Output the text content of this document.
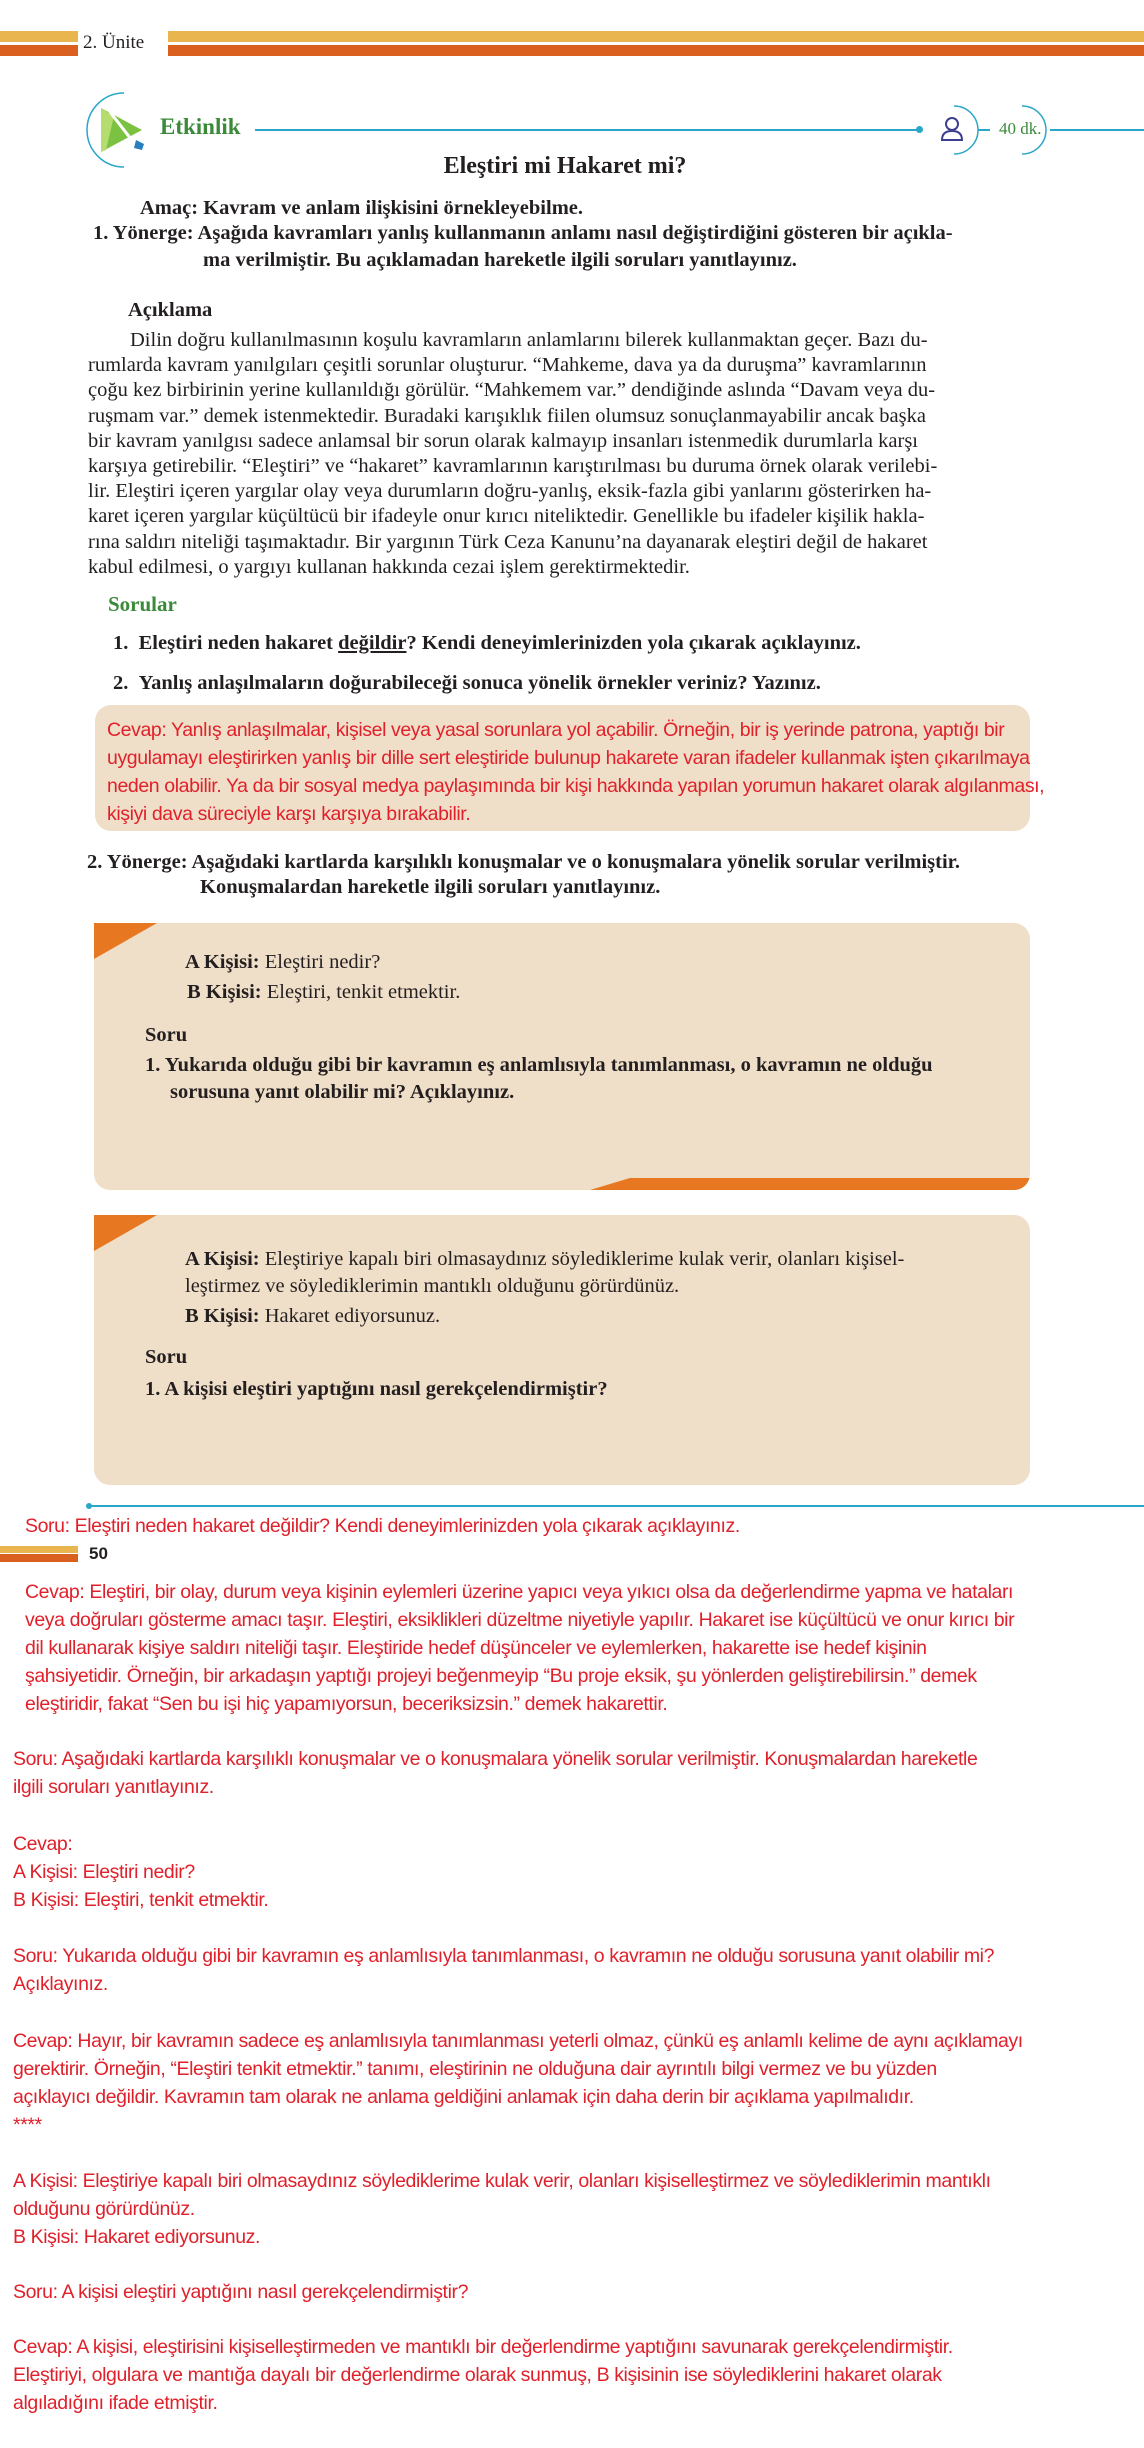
2. Ünite
Etkinlik	40 dk.
Eleştiri mi Hakaret mi?
Amaç: Kavram ve anlam ilişkisini örnekleyebilme.
1. Yönerge: Aşağıda kavramları yanlış kullanmanın anlamı nasıl değiştirdiğini gösteren bir açıkla-
ma verilmiştir. Bu açıklamadan hareketle ilgili soruları yanıtlayınız.
Açıklama
Dilin doğru kullanılmasının koşulu kavramların anlamlarını bilerek kullanmaktan geçer. Bazı du-
rumlarda kavram yanılgıları çeşitli sorunlar oluşturur. “Mahkeme, dava ya da duruşma” kavramlarının
çoğu kez birbirinin yerine kullanıldığı görülür. “Mahkemem var.” dendiğinde aslında “Davam veya du-
ruşmam var.” demek istenmektedir. Buradaki karışıklık fiilen olumsuz sonuçlanmayabilir ancak başka
bir kavram yanılgısı sadece anlamsal bir sorun olarak kalmayıp insanları istenmedik durumlarla karşı
karşıya getirebilir. “Eleştiri” ve “hakaret” kavramlarının karıştırılması bu duruma örnek olarak verilebi-
lir. Eleştiri içeren yargılar olay veya durumların doğru-yanlış, eksik-fazla gibi yanlarını gösterirken ha-
karet içeren yargılar küçültücü bir ifadeyle onur kırıcı niteliktedir. Genellikle bu ifadeler kişilik hakla-
rına saldırı niteliği taşımaktadır. Bir yargının Türk Ceza Kanunu’na dayanarak eleştiri değil de hakaret
kabul edilmesi, o yargıyı kullanan hakkında cezai işlem gerektirmektedir.
Sorular
1. Eleştiri neden hakaret değildir? Kendi deneyimlerinizden yola çıkarak açıklayınız.
2. Yanlış anlaşılmaların doğurabileceği sonuca yönelik örnekler veriniz? Yazınız.
Cevap: Yanlış anlaşılmalar, kişisel veya yasal sorunlara yol açabilir. Örneğin, bir iş yerinde patrona, yaptığı bir
uygulamayı eleştirirken yanlış bir dille sert eleştiride bulunup hakarete varan ifadeler kullanmak işten çıkarılmaya
neden olabilir. Ya da bir sosyal medya paylaşımında bir kişi hakkında yapılan yorumun hakaret olarak algılanması,
kişiyi dava süreciyle karşı karşıya bırakabilir.
2. Yönerge: Aşağıdaki kartlarda karşılıklı konuşmalar ve o konuşmalara yönelik sorular verilmiştir.
Konuşmalardan hareketle ilgili soruları yanıtlayınız.
A Kişisi: Eleştiri nedir?
B Kişisi: Eleştiri, tenkit etmektir.
Soru
1. Yukarıda olduğu gibi bir kavramın eş anlamlısıyla tanımlanması, o kavramın ne olduğu
sorusuna yanıt olabilir mi? Açıklayınız.
A Kişisi: Eleştiriye kapalı biri olmasaydınız söylediklerime kulak verir, olanları kişisel-
leştirmez ve söylediklerimin mantıklı olduğunu görürdünüz.
B Kişisi: Hakaret ediyorsunuz.
Soru
1. A kişisi eleştiri yaptığını nasıl gerekçelendirmiştir?
50
Soru: Eleştiri neden hakaret değildir? Kendi deneyimlerinizden yola çıkarak açıklayınız.
Cevap: Eleştiri, bir olay, durum veya kişinin eylemleri üzerine yapıcı veya yıkıcı olsa da değerlendirme yapma ve hataları
veya doğruları gösterme amacı taşır. Eleştiri, eksiklikleri düzeltme niyetiyle yapılır. Hakaret ise küçültücü ve onur kırıcı bir
dil kullanarak kişiye saldırı niteliği taşır. Eleştiride hedef düşünceler ve eylemlerken, hakarette ise hedef kişinin
şahsiyetidir. Örneğin, bir arkadaşın yaptığı projeyi beğenmeyip “Bu proje eksik, şu yönlerden geliştirebilirsin.” demek
eleştiridir, fakat “Sen bu işi hiç yapamıyorsun, beceriksizsin.” demek hakarettir.
Soru: Aşağıdaki kartlarda karşılıklı konuşmalar ve o konuşmalara yönelik sorular verilmiştir. Konuşmalardan hareketle
ilgili soruları yanıtlayınız.
Cevap:
A Kişisi: Eleştiri nedir?
B Kişisi: Eleştiri, tenkit etmektir.
Soru: Yukarıda olduğu gibi bir kavramın eş anlamlısıyla tanımlanması, o kavramın ne olduğu sorusuna yanıt olabilir mi?
Açıklayınız.
Cevap: Hayır, bir kavramın sadece eş anlamlısıyla tanımlanması yeterli olmaz, çünkü eş anlamlı kelime de aynı açıklamayı
gerektirir. Örneğin, “Eleştiri tenkit etmektir.” tanımı, eleştirinin ne olduğuna dair ayrıntılı bilgi vermez ve bu yüzden
açıklayıcı değildir. Kavramın tam olarak ne anlama geldiğini anlamak için daha derin bir açıklama yapılmalıdır.
****
A Kişisi: Eleştiriye kapalı biri olmasaydınız söylediklerime kulak verir, olanları kişiselleştirmez ve söylediklerimin mantıklı
olduğunu görürdünüz.
B Kişisi: Hakaret ediyorsunuz.
Soru: A kişisi eleştiri yaptığını nasıl gerekçelendirmiştir?
Cevap: A kişisi, eleştirisini kişiselleştirmeden ve mantıklı bir değerlendirme yaptığını savunarak gerekçelendirmiştir.
Eleştiriyi, olgulara ve mantığa dayalı bir değerlendirme olarak sunmuş, B kişisinin ise söylediklerini hakaret olarak
algıladığını ifade etmiştir.
